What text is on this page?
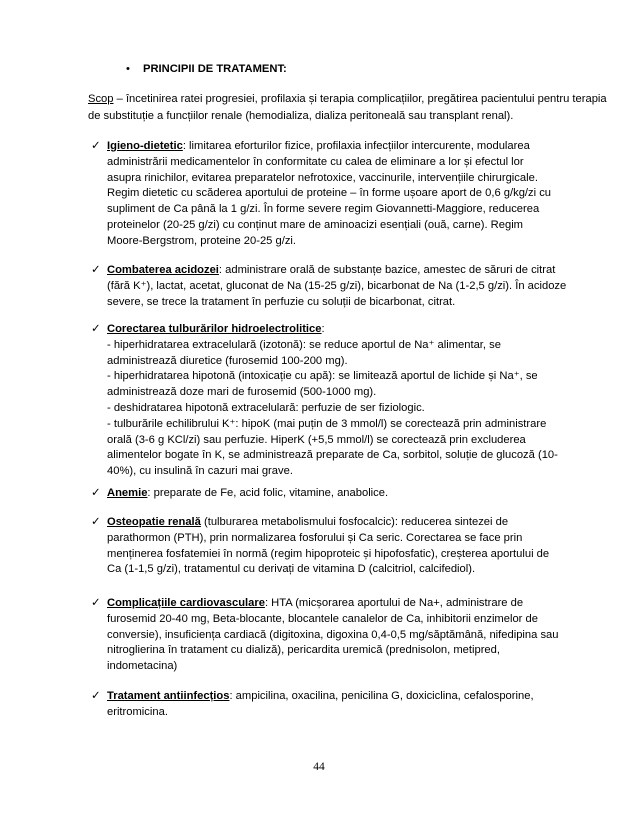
• PRINCIPII DE TRATAMENT:
Scop – încetinirea ratei progresiei, profilaxia și terapia complicațiilor, pregătirea pacientului pentru terapia de substituție a funcțiilor renale (hemodializa, dializa peritoneală sau transplant renal).
✓ Igieno-dietetic: limitarea eforturilor fizice, profilaxia infecțiilor intercurente, modularea
administrării medicamentelor în conformitate cu calea de eliminare a lor și efectul lor
asupra rinichilor, evitarea preparatelor nefrotoxice, vaccinurile, intervențiile chirurgicale.
Regim dietetic cu scăderea aportului de proteine – în forme ușoare aport de 0,6 g/kg/zi cu
supliment de Ca până la 1 g/zi. În forme severe regim Giovannetti-Maggiore, reducerea
proteinelor (20-25 g/zi) cu conținut mare de aminoacizi esențiali (ouă, carne). Regim
Moore-Bergstrom, proteine 20-25 g/zi.
✓ Combaterea acidozei: administrare orală de substanțe bazice, amestec de săruri de citrat
(fără K⁺), lactat, acetat, gluconat de Na (15-25 g/zi), bicarbonat de Na (1-2,5 g/zi). În acidoze
severe, se trece la tratament în perfuzie cu soluții de bicarbonat, citrat.
✓ Corectarea tulburărilor hidroelectrolitice:
- hiperhidratarea extracelulară (izotonă): se reduce aportul de Na⁺ alimentar, se
administrează diuretice (furosemid 100-200 mg).
- hiperhidratarea hipotonă (intoxicație cu apă): se limitează aportul de lichide și Na⁺, se
administrează doze mari de furosemid (500-1000 mg).
- deshidratarea hipotonă extracelulară: perfuzie de ser fiziologic.
- tulburările echilibrului K⁺: hipoK (mai puțin de 3 mmol/l) se corectează prin administrare
orală (3-6 g KCl/zi) sau perfuzie. HiperK (+5,5 mmol/l) se corectează prin excluderea
alimentelor bogate în K, se administrează preparate de Ca, sorbitol, soluție de glucoză (10-
40%), cu insulină în cazuri mai grave.
✓ Anemie: preparate de Fe, acid folic, vitamine, anabolice.
✓ Osteopatie renală (tulburarea metabolismului fosfocalcic): reducerea sintezei de
parathormon (PTH), prin normalizarea fosforului și Ca seric. Corectarea se face prin
menținerea fosfatemiei în normă (regim hipoproteic și hipofosfatic), creșterea aportului de
Ca (1-1,5 g/zi), tratamentul cu derivați de vitamina D (calcitriol, calcifediol).
✓ Complicațiile cardiovasculare: HTA (micșorarea aportului de Na+, administrare de
furosemid 20-40 mg, Beta-blocante, blocantele canalelor de Ca, inhibitorii enzimelor de
conversie), insuficiența cardiacă (digitoxina, digoxina 0,4-0,5 mg/săptămână, nifedipina sau
nitroglierina în tratament cu dializă), pericardita uremică (prednisolon, metipred,
indometacina)
✓ Tratament antiinfecțios: ampicilina, oxacilina, penicilina G, doxiciclina, cefalosporine,
eritromicina.
44
